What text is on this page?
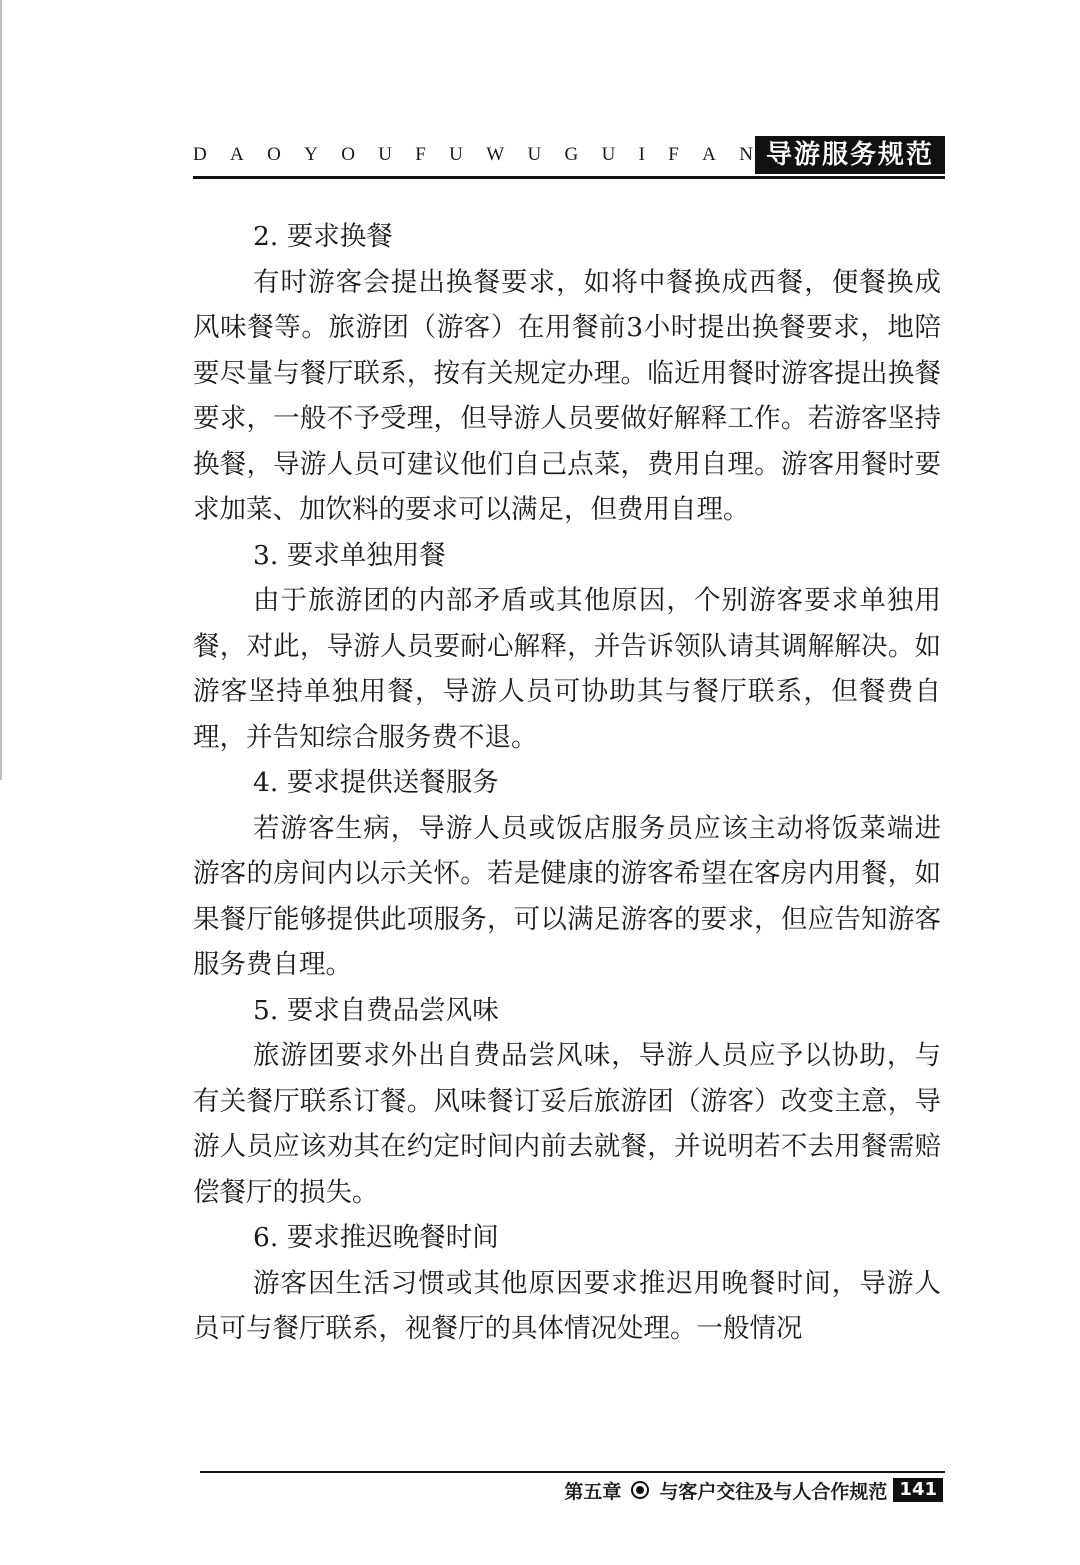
D A O Y O U F U W U G U I F A N 导游服务规范

2. 要求换餐

有时游客会提出换餐要求，如将中餐换成西餐，便餐换成风味餐等。旅游团（游客）在用餐前3小时提出换餐要求，地陪要尽量与餐厅联系，按有关规定办理。临近用餐时游客提出换餐要求，一般不予受理，但导游人员要做好解释工作。若游客坚持换餐，导游人员可建议他们自己点菜，费用自理。游客用餐时要求加菜、加饮料的要求可以满足，但费用自理。

3. 要求单独用餐

由于旅游团的内部矛盾或其他原因，个别游客要求单独用餐，对此，导游人员要耐心解释，并告诉领队请其调解解决。如游客坚持单独用餐，导游人员可协助其与餐厅联系，但餐费自理，并告知综合服务费不退。

4. 要求提供送餐服务

若游客生病，导游人员或饭店服务员应该主动将饭菜端进游客的房间内以示关怀。若是健康的游客希望在客房内用餐，如果餐厅能够提供此项服务，可以满足游客的要求，但应告知游客服务费自理。

5. 要求自费品尝风味

旅游团要求外出自费品尝风味，导游人员应予以协助，与有关餐厅联系订餐。风味餐订妥后旅游团（游客）改变主意，导游人员应该劝其在约定时间内前去就餐，并说明若不去用餐需赔偿餐厅的损失。

6. 要求推迟晚餐时间

游客因生活习惯或其他原因要求推迟用晚餐时间，导游人员可与餐厅联系，视餐厅的具体情况处理。一般情况

第五章 与客户交往及与人合作规范 141
